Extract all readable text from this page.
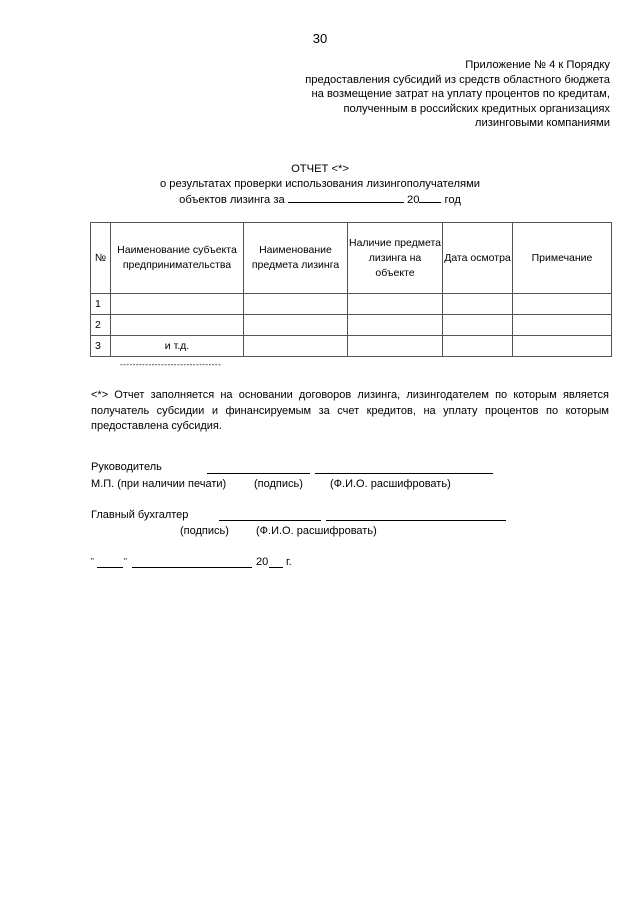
30
Приложение № 4 к Порядку
предоставления субсидий из средств областного бюджета
на возмещение затрат на уплату процентов по кредитам,
полученным в российских кредитных организациях
лизинговыми компаниями
ОТЧЕТ <*>
о результатах проверки использования лизингополучателями
объектов лизинга за	20 год
№	Наименование субъекта предпринимательства	Наименование предмета лизинга	Наличие предмета лизинга на объекте	Дата осмотра	Примечание
1					
2					
3	и т.д.				
--------------------------------
<*> Отчет заполняется на основании договоров лизинга, лизингодателем по которым является получатель субсидии и финансируемым за счет кредитов, на уплату процентов по которым предоставлена субсидия.
Руководитель
М.П. (при наличии печати)	(подпись) (Ф.И.О. расшифровать)
Главный бухгалтер
(подпись) (Ф.И.О. расшифровать)
"	"	20 г.
